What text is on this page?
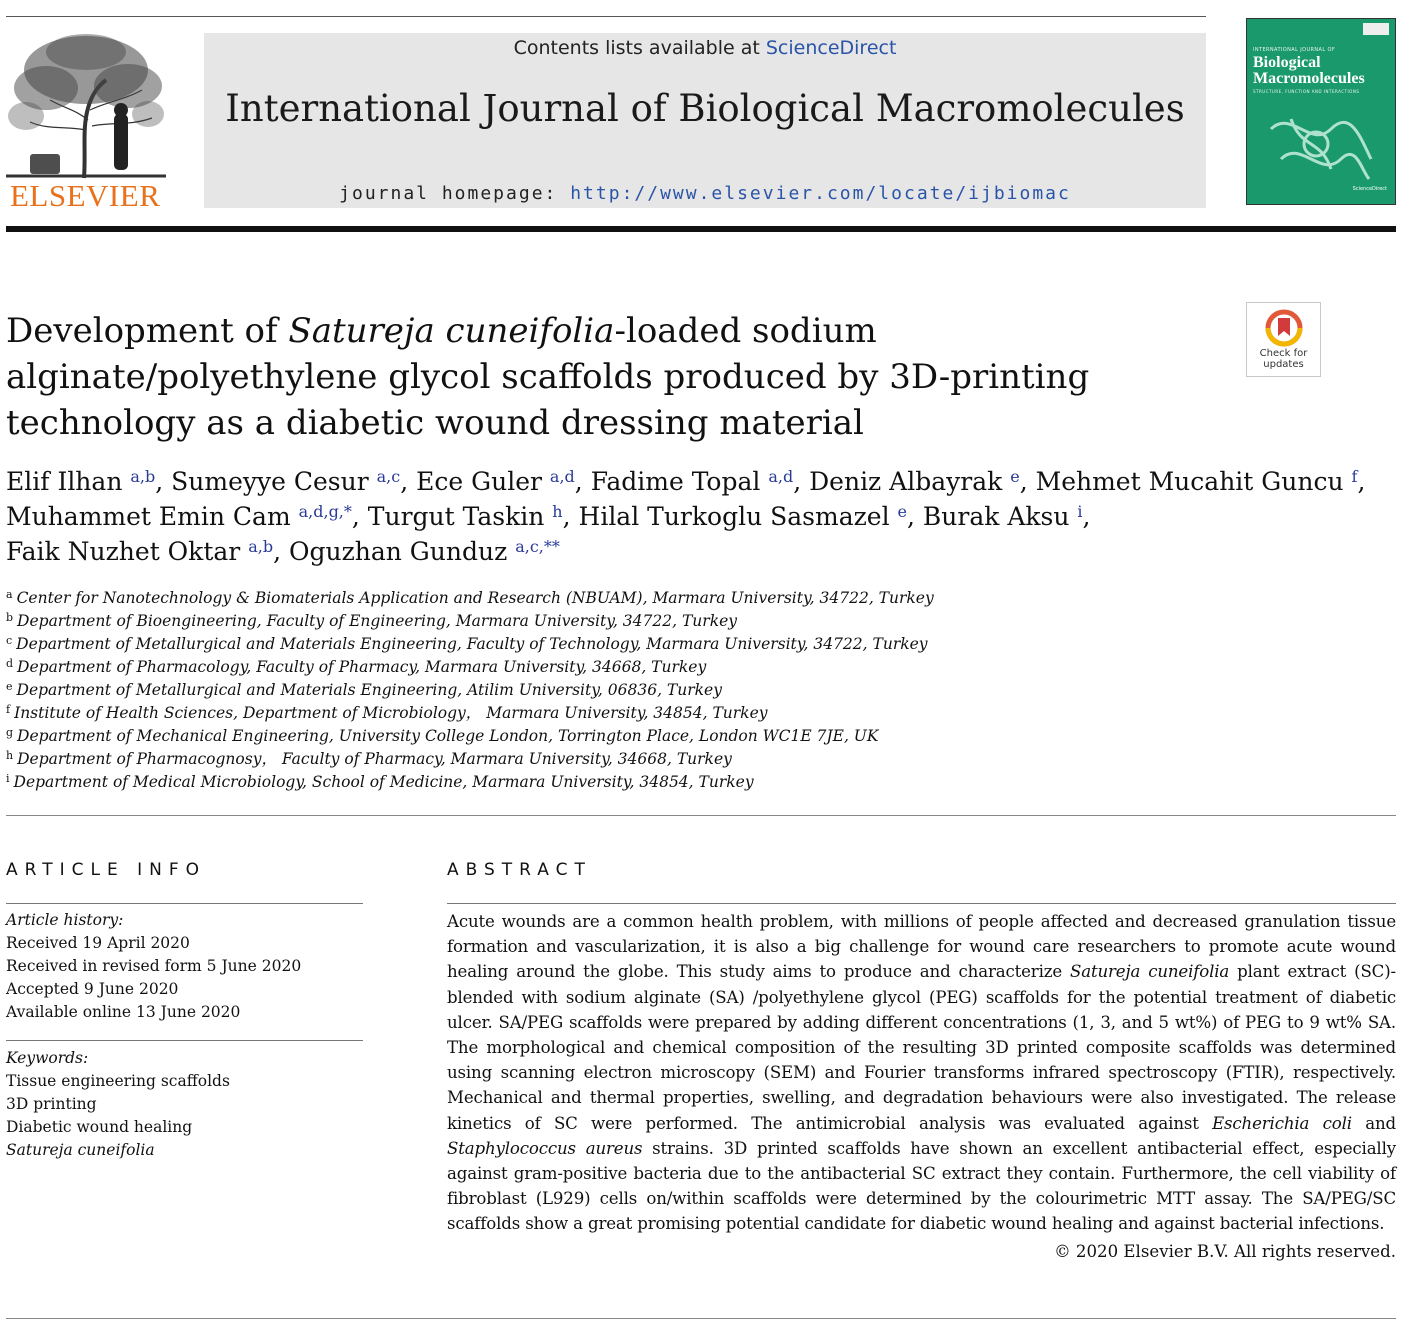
ELSEVIER
Contents lists available at ScienceDirect
International Journal of Biological Macromolecules
journal homepage: http://www.elsevier.com/locate/ijbiomac
INTERNATIONAL JOURNAL OF
Biological
Macromolecules
STRUCTURE, FUNCTION AND INTERACTIONS
ScienceDirect
Development of Satureja cuneifolia-loaded sodium alginate/polyethylene glycol scaffolds produced by 3D-printing technology as a diabetic wound dressing material
Check for
updates
Elif Ilhan $^{a,b}$, Sumeyye Cesur $^{a,c}$, Ece Guler $^{a,d}$, Fadime Topal $^{a,d}$, Deniz Albayrak $^e$, Mehmet Mucahit Guncu $^f$,
Muhammet Emin Cam $^{a,d,g,*}$, Turgut Taskin $^h$, Hilal Turkoglu Sasmazel $^e$, Burak Aksu $^i$,
Faik Nuzhet Oktar $^{a,b}$, Oguzhan Gunduz $^{a,c,**}$
a Center for Nanotechnology & Biomaterials Application and Research (NBUAM), Marmara University, 34722, Turkey
b Department of Bioengineering, Faculty of Engineering, Marmara University, 34722, Turkey
c Department of Metallurgical and Materials Engineering, Faculty of Technology, Marmara University, 34722, Turkey
d Department of Pharmacology, Faculty of Pharmacy, Marmara University, 34668, Turkey
e Department of Metallurgical and Materials Engineering, Atilim University, 06836, Turkey
f Institute of Health Sciences, Department of Microbiology， Marmara University, 34854, Turkey
g Department of Mechanical Engineering, University College London, Torrington Place, London WC1E 7JE, UK
h Department of Pharmacognosy， Faculty of Pharmacy, Marmara University, 34668, Turkey
i Department of Medical Microbiology, School of Medicine, Marmara University, 34854, Turkey
ARTICLE INFO	ABSTRACT
Article history:
Received 19 April 2020
Received in revised form 5 June 2020
Accepted 9 June 2020
Available online 13 June 2020
Keywords:
Tissue engineering scaffolds
3D printing
Diabetic wound healing
Satureja cuneifolia

Acute wounds are a common health problem, with millions of people affected and decreased granulation tissue formation and vascularization, it is also a big challenge for wound care researchers to promote acute wound healing around the globe. This study aims to produce and characterize Satureja cuneifolia plant extract (SC)-blended with sodium alginate (SA) /polyethylene glycol (PEG) scaffolds for the potential treatment of diabetic ulcer. SA/PEG scaffolds were prepared by adding different concentrations (1, 3, and 5 wt%) of PEG to 9 wt% SA. The morphological and chemical composition of the resulting 3D printed composite scaffolds was determined using scanning electron microscopy (SEM) and Fourier transforms infrared spectroscopy (FTIR), respectively. Mechanical and thermal properties, swelling, and degradation behaviours were also investigated. The release kinetics of SC were performed. The antimicrobial analysis was evaluated against Escherichia coli and Staphylococcus aureus strains. 3D printed scaffolds have shown an excellent antibacterial effect, especially against gram-positive bacteria due to the antibacterial SC extract they contain. Furthermore, the cell viability of fibroblast (L929) cells on/within scaffolds were determined by the colourimetric MTT assay. The SA/PEG/SC scaffolds show a great promising potential candidate for diabetic wound healing and against bacterial infections.

© 2020 Elsevier B.V. All rights reserved.
